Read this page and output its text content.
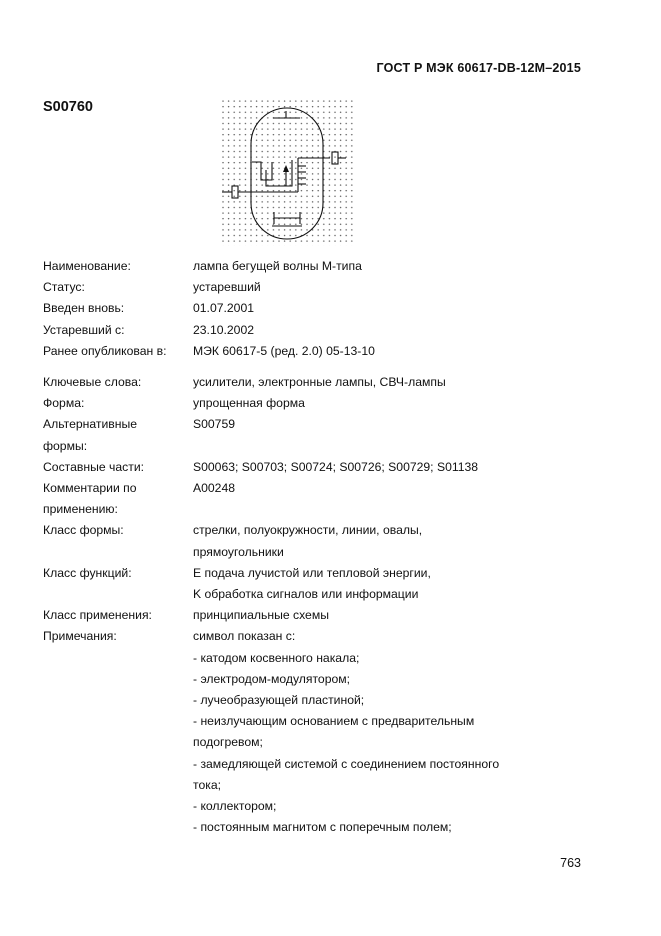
ГОСТ Р МЭК 60617-DB-12M–2015
S00760
Наименование:	лампа бегущей волны М-типа
Статус:	устаревший
Введен вновь:	01.07.2001
Устаревший с:	23.10.2002
Ранее опубликован в:	МЭК 60617-5 (ред. 2.0) 05-13-10
Ключевые слова:	усилители, электронные лампы, СВЧ-лампы
Форма:	упрощенная форма
Альтернативные
формы:
S00759
Составные части:	S00063; S00703; S00724; S00726; S00729; S01138
Комментарии по
применению:
A00248
Класс формы:	стрелки, полуокружности, линии, овалы,
прямоугольники
Класс функций:	E подача лучистой или тепловой энергии,
K обработка сигналов или информации
Класс применения:	принципиальные схемы
Примечания:	символ показан с:
- катодом косвенного накала;
- электродом-модулятором;
- лучеобразующей пластиной;
- неизлучающим основанием с предварительным
подогревом;
- замедляющей системой с соединением постоянного
тока;
- коллектором;
- постоянным магнитом с поперечным полем;
763
